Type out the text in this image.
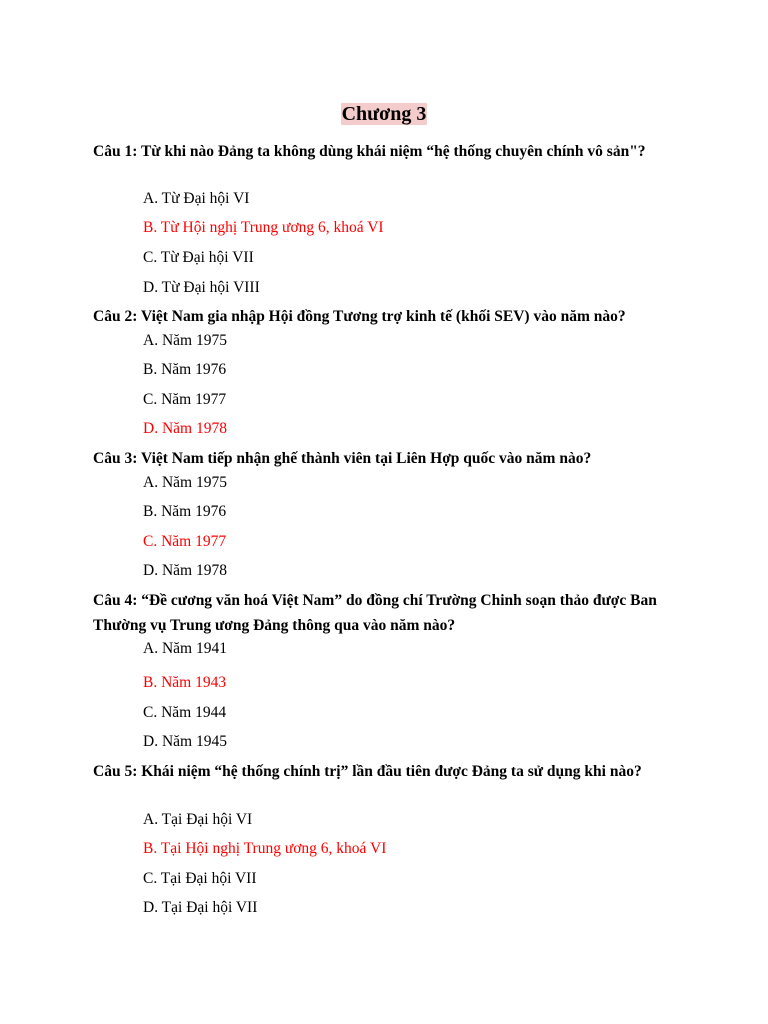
Chương 3
Câu 1: Từ khi nào Đảng ta không dùng khái niệm “hệ thống chuyên chính vô sản"?
A. Từ Đại hội VI
B. Từ Hội nghị Trung ương 6, khoá VI
C. Từ Đại hội VII
D. Từ Đại hội VIII
Câu 2: Việt Nam gia nhập Hội đồng Tương trợ kinh tế (khối SEV) vào năm nào?
A. Năm 1975
B. Năm 1976
C. Năm 1977
D. Năm 1978
Câu 3: Việt Nam tiếp nhận ghế thành viên tại Liên Hợp quốc vào năm nào?
A. Năm 1975
B. Năm 1976
C. Năm 1977
D. Năm 1978
Câu 4: “Đề cương văn hoá Việt Nam” do đồng chí Trường Chinh soạn thảo được Ban Thường vụ Trung ương Đảng thông qua vào năm nào?
A. Năm 1941
B. Năm 1943
C. Năm 1944
D. Năm 1945
Câu 5: Khái niệm “hệ thống chính trị” lần đầu tiên được Đảng ta sử dụng khi nào?
A. Tại Đại hội VI
B. Tại Hội nghị Trung ương 6, khoá VI
C. Tại Đại hội VII
D. Tại Đại hội VII
